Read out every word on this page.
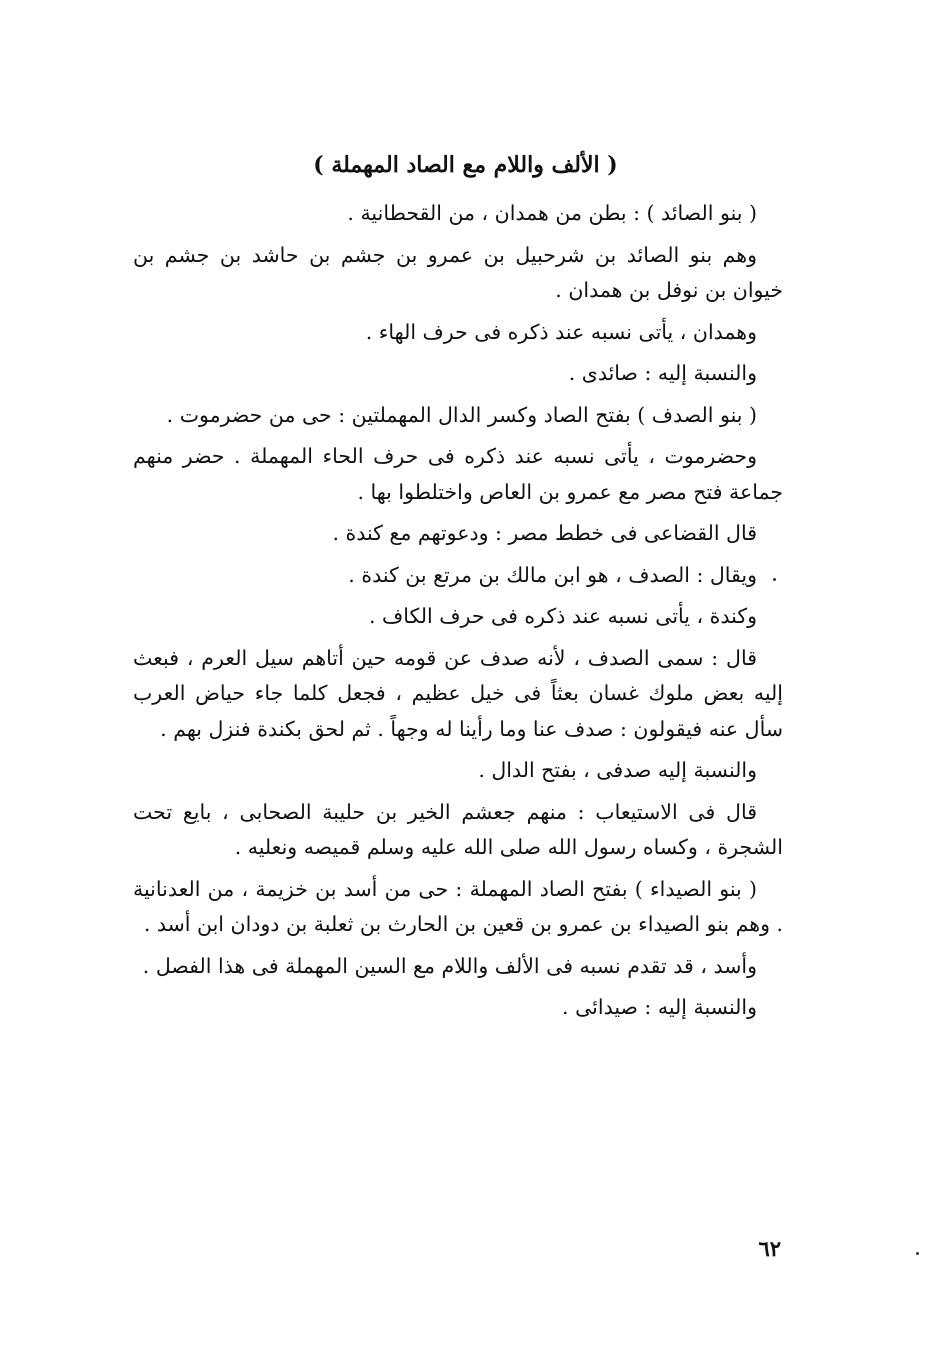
( الألف واللام مع الصاد المهملة )

( بنو الصائد ) : بطن من همدان ، من القحطانية .

وهم بنو الصائد بن شرحبيل بن عمرو بن جشم بن حاشد بن جشم بن خيوان بن نوفل بن همدان .

وهمدان ، يأتى نسبه عند ذكره فى حرف الهاء .

والنسبة إليه : صائدى .

( بنو الصدف ) بفتح الصاد وكسر الدال المهملتين : حى من حضرموت .

وحضرموت ، يأتى نسبه عند ذكره فى حرف الحاء المهملة . حضر منهم جماعة فتح مصر مع عمرو بن العاص واختلطوا بها .

قال القضاعى فى خطط مصر : ودعوتهم مع كندة .

ويقال : الصدف ، هو ابن مالك بن مرتع بن كندة .

وكندة ، يأتى نسبه عند ذكره فى حرف الكاف .

قال : سمى الصدف ، لأنه صدف عن قومه حين أتاهم سيل العرم ، فبعث إليه بعض ملوك غسان بعثاً فى خيل عظيم ، فجعل كلما جاء حياض العرب سأل عنه فيقولون : صدف عنا وما رأينا له وجهاً . ثم لحق بكندة فنزل بهم .

والنسبة إليه صدفى ، بفتح الدال .

قال فى الاستيعاب : منهم جعشم الخير بن حليبة الصحابى ، بايع تحت الشجرة ، وكساه رسول الله صلى الله عليه وسلم قميصه ونعليه .

( بنو الصيداء ) بفتح الصاد المهملة : حى من أسد بن خزيمة ، من العدنانية . وهم بنو الصيداء بن عمرو بن قعين بن الحارث بن ثعلبة بن دودان ابن أسد .

وأسد ، قد تقدم نسبه فى الألف واللام مع السين المهملة فى هذا الفصل .

والنسبة إليه : صيدائى .

٦٢
